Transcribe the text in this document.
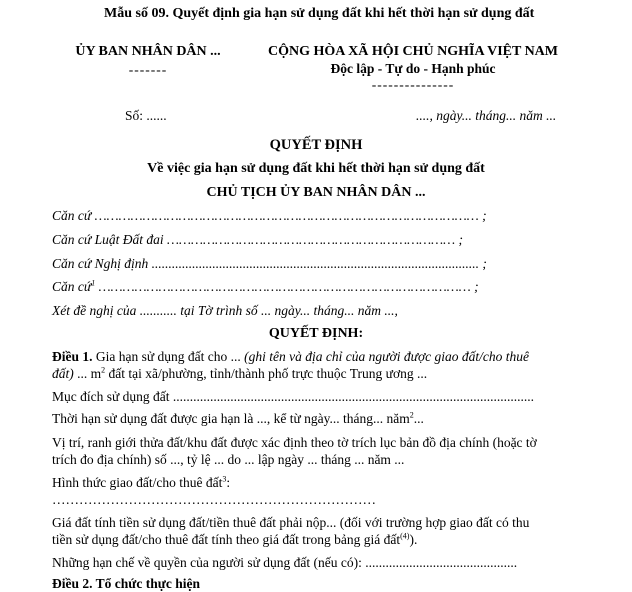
Mẫu số 09. Quyết định gia hạn sử dụng đất khi hết thời hạn sử dụng đất
ỦY BAN NHÂN DÂN ...
-------
CỘNG HÒA XÃ HỘI CHỦ NGHĨA VIỆT NAM
Độc lập - Tự do - Hạnh phúc
---------------
Số: ......	...., ngày... tháng... năm ...
QUYẾT ĐỊNH
Về việc gia hạn sử dụng đất khi hết thời hạn sử dụng đất
CHỦ TỊCH ỦY BAN NHÂN DÂN ...
Căn cứ …………………………………………………………………………………… ;
Căn cứ Luật Đất đai ……………………………………………………………… ;
Căn cứ Nghị định ................................................................................................. ;
Căn cứ$^1$ ………………………………………………………………………………… ;
Xét đề nghị của ........... tại Tờ trình số ... ngày... tháng... năm ...,
QUYẾT ĐỊNH:
Điều 1. Gia hạn sử dụng đất cho ... (ghi tên và địa chỉ của người được giao đất/cho thuê
đất) ... $m^2$ đất tại xã/phường, tỉnh/thành phố trực thuộc Trung ương ...
Mục đích sử dụng đất ...........................................................................................................
Thời hạn sử dụng đất được gia hạn là ..., kể từ ngày... tháng... năm$^2$...
Vị trí, ranh giới thửa đất/khu đất được xác định theo tờ trích lục bản đồ địa chính (hoặc tờ
trích đo địa chính) số ..., tỷ lệ ... do ... lập ngày ... tháng ... năm ...
Hình thức giao đất/cho thuê đất$^3$:
………………………………………………………………
Giá đất tính tiền sử dụng đất/tiền thuê đất phải nộp... (đối với trường hợp giao đất có thu
tiền sử dụng đất/cho thuê đất tính theo giá đất trong bảng giá đất$^{(4)}$).
Những hạn chế về quyền của người sử dụng đất (nếu có): .............................................
Điều 2. Tổ chức thực hiện
